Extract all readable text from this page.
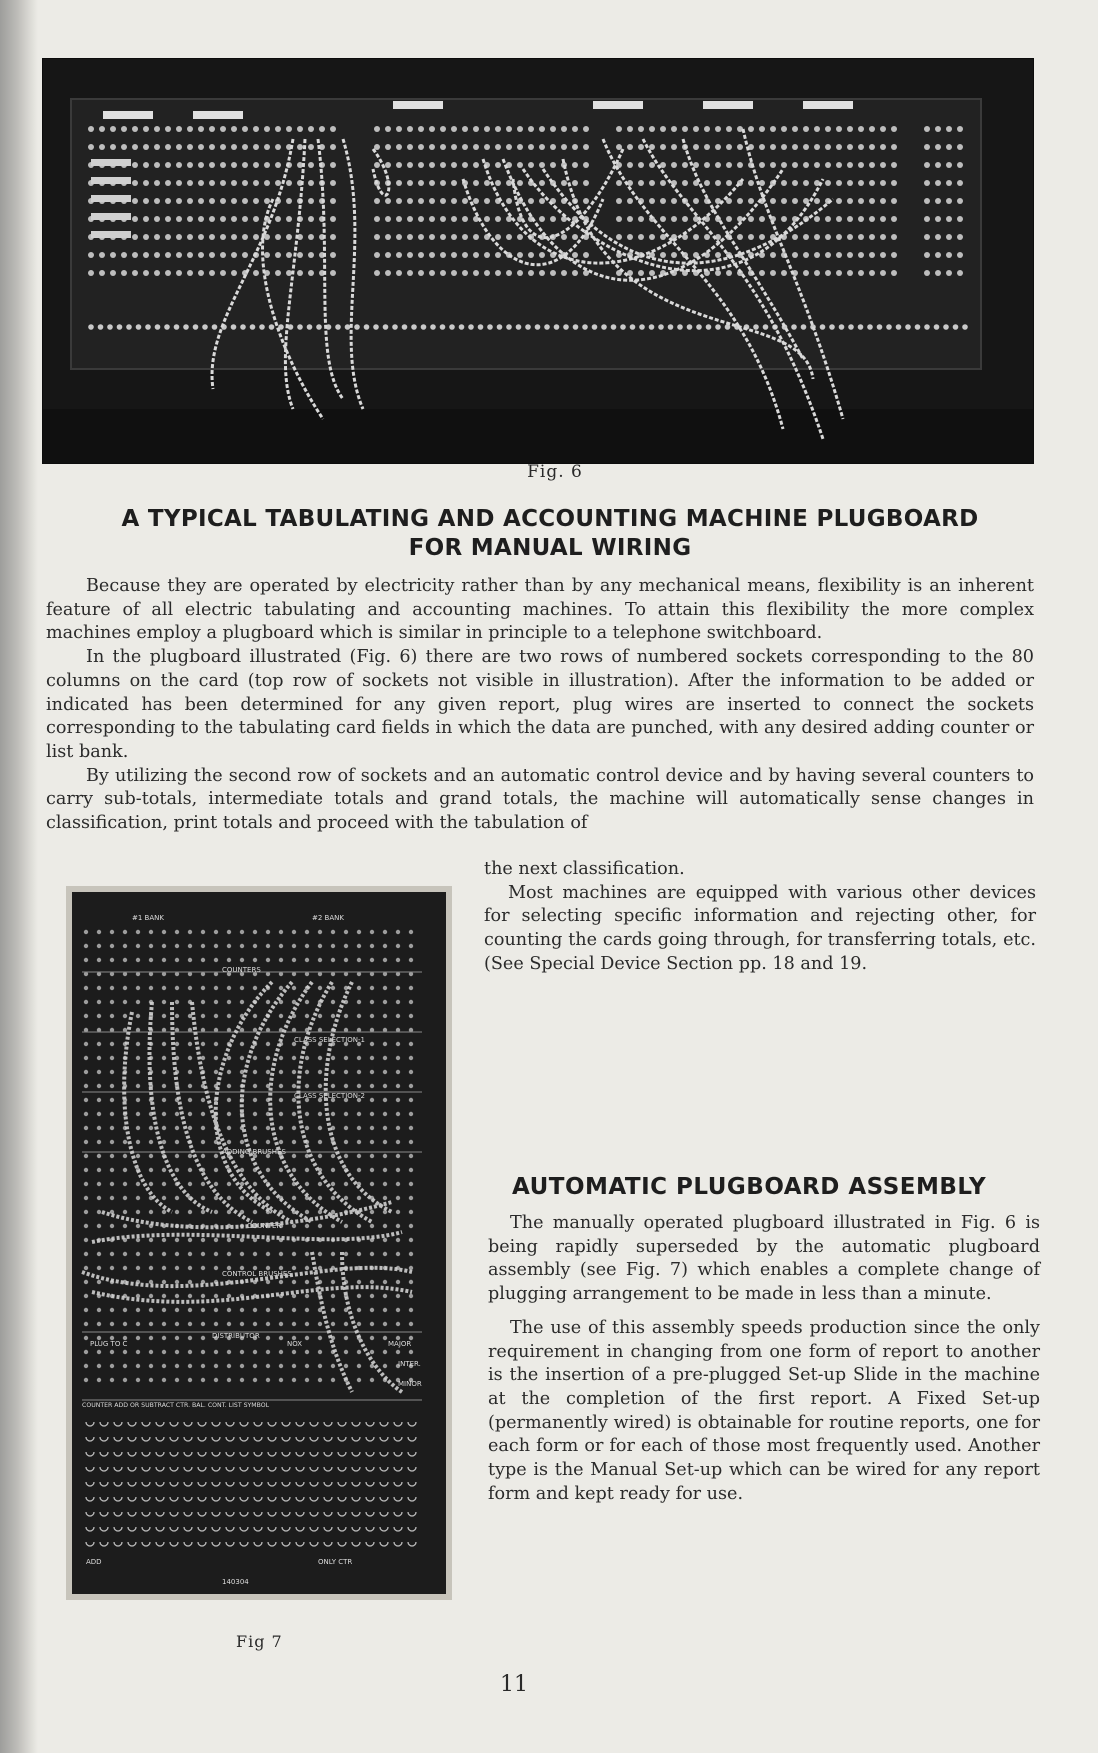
Fig. 6
A TYPICAL TABULATING AND ACCOUNTING MACHINE PLUGBOARD
FOR MANUAL WIRING

Because they are operated by electricity rather than by any mechanical means, flexibility is an inherent feature of all electric tabulating and accounting machines. To attain this flexibility the more complex machines employ a plugboard which is similar in principle to a telephone switchboard.

In the plugboard illustrated (Fig. 6) there are two rows of numbered sockets corresponding to the 80 columns on the card (top row of sockets not visible in illustration). After the information to be added or indicated has been determined for any given report, plug wires are inserted to connect the sockets corresponding to the tabulating card fields in which the data are punched, with any desired adding counter or list bank.

By utilizing the second row of sockets and an automatic control device and by having several counters to carry sub-totals, intermediate totals and grand totals, the machine will automatically sense changes in classification, print totals and proceed with the tabulation of

the next classification.

Most machines are equipped with various other devices for selecting specific information and rejecting other, for counting the cards going through, for transferring totals, etc. (See Special Device Section pp. 18 and 19.

#1 BANK	#2 BANK
COUNTERS
CLASS SELECTION-1
CLASS SELECTION-2
ADDING BRUSHES
COUNTER
CONTROL BRUSHES
DISTRIBUTOR
PLUG TO C	NOX	MAJOR
INTER.
MINOR
COUNTER ADD OR SUBTRACT CTR. BAL. CONT. LIST SYMBOL
ADD	ONLY CTR
140304
Fig 7
AUTOMATIC PLUGBOARD ASSEMBLY

The manually operated plugboard illustrated in Fig. 6 is being rapidly superseded by the automatic plugboard assembly (see Fig. 7) which enables a complete change of plugging arrangement to be made in less than a minute.

The use of this assembly speeds production since the only requirement in changing from one form of report to another is the insertion of a pre-plugged Set-up Slide in the machine at the completion of the first report. A Fixed Set-up (permanently wired) is obtainable for routine reports, one for each form or for each of those most frequently used. Another type is the Manual Set-up which can be wired for any report form and kept ready for use.

11
